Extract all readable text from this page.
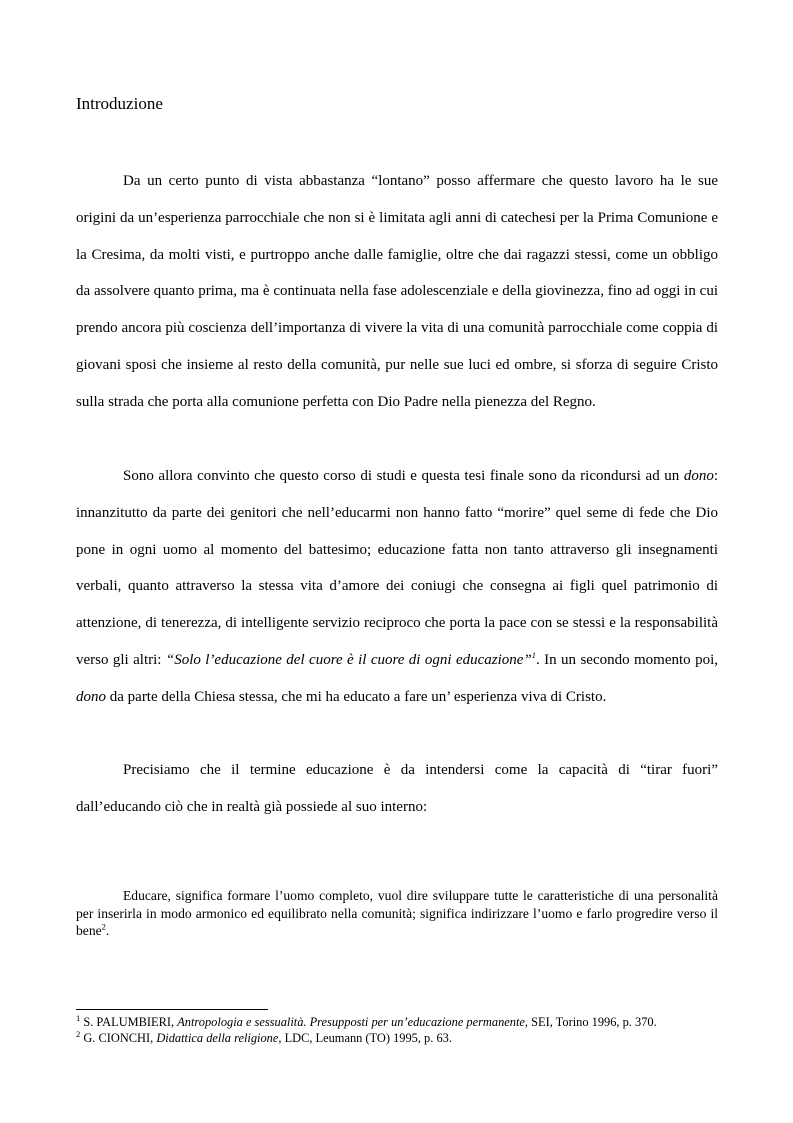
Introduzione

Da un certo punto di vista abbastanza “lontano” posso affermare che questo lavoro ha le sue origini da un’esperienza parrocchiale che non si è limitata agli anni di catechesi per la Prima Comunione e la Cresima, da molti visti, e purtroppo anche dalle famiglie, oltre che dai ragazzi stessi, come un obbligo da assolvere quanto prima, ma è continuata nella fase adolescenziale e della giovinezza, fino ad oggi in cui prendo ancora più coscienza dell’importanza di vivere la vita di una comunità parrocchiale come coppia di giovani sposi che insieme al resto della comunità, pur nelle sue luci ed ombre, si sforza di seguire Cristo sulla strada che porta alla comunione perfetta con Dio Padre nella pienezza del Regno.

Sono allora convinto che questo corso di studi e questa tesi finale sono da ricondursi ad un dono: innanzitutto da parte dei genitori che nell’educarmi non hanno fatto “morire” quel seme di fede che Dio pone in ogni uomo al momento del battesimo; educazione fatta non tanto attraverso gli insegnamenti verbali, quanto attraverso la stessa vita d’amore dei coniugi che consegna ai figli quel patrimonio di attenzione, di tenerezza, di intelligente servizio reciproco che porta la pace con se stessi e la responsabilità verso gli altri: “Solo l’educazione del cuore è il cuore di ogni educazione”$^1$. In un secondo momento poi, dono da parte della Chiesa stessa, che mi ha educato a fare un’ esperienza viva di Cristo.

Precisiamo che il termine educazione è da intendersi come la capacità di “tirar fuori” dall’educando ciò che in realtà già possiede al suo interno:

Educare, significa formare l’uomo completo, vuol dire sviluppare tutte le caratteristiche di una personalità per inserirla in modo armonico ed equilibrato nella comunità; significa indirizzare l’uomo e farlo progredire verso il bene$^2$.

$^1$ S. PALUMBIERI, Antropologia e sessualità. Presupposti per un’educazione permanente, SEI, Torino 1996, p. 370.
$^2$ G. CIONCHI, Didattica della religione, LDC, Leumann (TO) 1995, p. 63.
